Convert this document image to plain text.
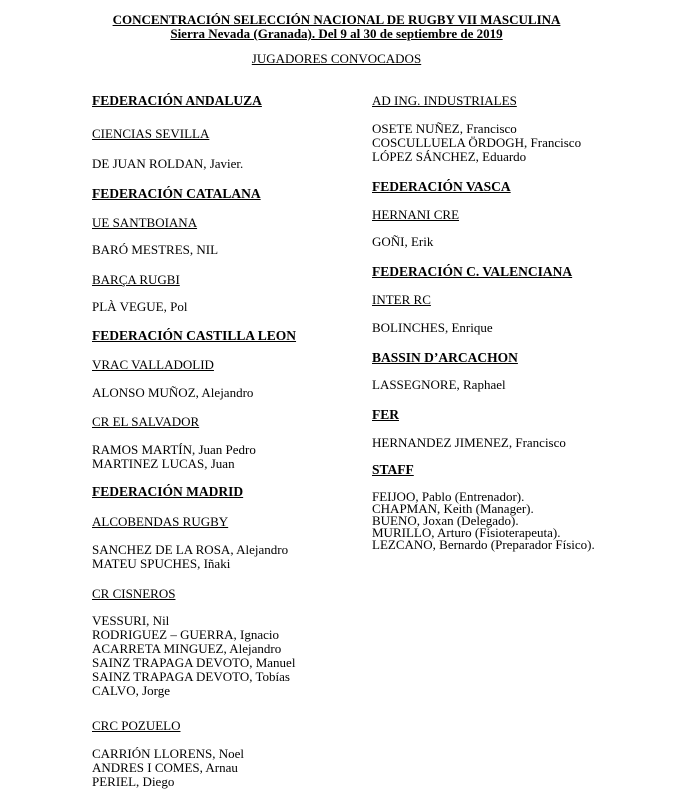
CONCENTRACIÓN SELECCIÓN NACIONAL DE RUGBY VII MASCULINA
Sierra Nevada (Granada). Del 9 al 30 de septiembre de 2019
JUGADORES CONVOCADOS
FEDERACIÓN ANDALUZA
CIENCIAS SEVILLA
DE JUAN ROLDAN, Javier.
FEDERACIÓN CATALANA
UE SANTBOIANA
BARÓ MESTRES, NIL
BARÇA RUGBI
PLÀ VEGUE, Pol
FEDERACIÓN CASTILLA LEON
VRAC VALLADOLID
ALONSO MUÑOZ, Alejandro
CR EL SALVADOR
RAMOS MARTÍN, Juan Pedro
MARTINEZ LUCAS, Juan
FEDERACIÓN MADRID
ALCOBENDAS RUGBY
SANCHEZ DE LA ROSA, Alejandro
MATEU SPUCHES, Iñaki
CR CISNEROS
VESSURI, Nil
RODRIGUEZ – GUERRA, Ignacio
ACARRETA MINGUEZ, Alejandro
SAINZ TRAPAGA DEVOTO, Manuel
SAINZ TRAPAGA DEVOTO, Tobías
CALVO, Jorge
CRC POZUELO
CARRIÓN LLORENS, Noel
ANDRES I COMES, Arnau
PERIEL, Diego
AD ING. INDUSTRIALES
OSETE NUÑEZ, Francisco
COSCULLUELA ÖRDOGH, Francisco
LÓPEZ SÁNCHEZ, Eduardo
FEDERACIÓN VASCA
HERNANI CRE
GOÑI, Erik
FEDERACIÓN C. VALENCIANA
INTER RC
BOLINCHES, Enrique
BASSIN D’ARCACHON
LASSEGNORE, Raphael
FER
HERNANDEZ JIMENEZ, Francisco
STAFF
FEIJOO, Pablo (Entrenador).
CHAPMAN, Keith (Manager).
BUENO, Joxan (Delegado).
MURILLO, Arturo (Fisioterapeuta).
LEZCANO, Bernardo (Preparador Físico).
